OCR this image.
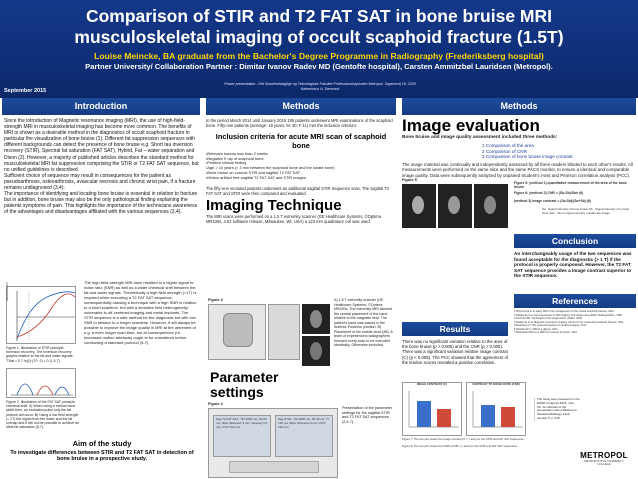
Comparison of STIR and T2 FAT SAT in bone bruise MRI musculoskeletal imaging of occult scaphoid fracture (1.5T)
Louise Meincke, BA graduate from the Bachelor's Degree Programme in Radiography (Frederiksberg hospital)
Partner University/ Collaboration Partner : Dimitar Ivanov Radev MD (Gentofte hospital), Carsten Ammitzbøl Lauridsen (Metropol).
Poster presentation : Det Sundhedsfaglige og Teknologiske Fakultet Professionshøjskolen Metropol, Tagensvej 18, 2200 København N, Denmark
September 2015
Introduction	Methods	Methods
Since the introduction of Magnetic resonance imaging (MRI), the use of high-field-strength MRI in musculoskeletal imaging has become more common. The benefits of MRI is shown as a desirable method in the diagnostics of occult scaphoid fracture in particular the visualization of bone bruise (1). Different fat suppression sequences with different backgrounds can detect the presence of bone bruise e.g. Short tau inversion recovery (STIR), Spectral fat saturation (FAT SAT), Hybrid, Fat – water separation and Dixon (2). However, a majority of published articles describes the standard method for musculoskeletal MRI fat suppression comprising the STIR or T2 FAT SAT sequence, but no unified guidelines is described.
Sufficient choice of sequence may result in consequences for the patient as pseudoarthrosis, osteoarthrosis, avascular necrosis and chronic wrist pain, if a fracture remains undiagnosed (3,4).
The importance of identifying and locating bone bruise is essential in relation to fracture but in addition, bone bruise may also be the only pathological finding explaining the patients symptoms of pain. This highlights the importance of the technicians awareness of the advantages and disadvantages affiliated with the various sequences (3,4).
Magnetization
Figure 1. Illustration of STIR principle. Inversion recovery. The inversion recovery graphic relative to the fat and water signals. T1fat = 0.7·ln(2)·(T0 ·2) ≈ 0 (1,5-7).
Figure 2. Illustration of the FAT SAT principle chemical shift. A) When using a narrow band width then, an excitation pulse only the fat protons will occur. B) Using a low field strength (< 1T) the signal from the water and the fat overlap and it will not be possible to achieve an ideal fat saturation (5-7).
The high-field-strength MRI have resulted in a higher signal to noise ratio (SNR) as well as a wider chemical shift between the fat and water signals. Theoretically a high field strength (>1T) is required when executing a T2 FAT SAT sequence, consequentially causing a technique with a high SNR in relation to a short scantime, but with a sensitive field heterogeneity, vulnerable to off-centered imaging and metal implants. The STIR sequence is a safe method for the diagnostic but with low SNR in relation to a longer scantime. However, it will always be possible to improve the image quality in MRI at the detriment of e.g. a even longer scan-time, but at consequences (i.e. increased motion artefacts) ought to be considered before conducting a standard protocol (5-7).
Aim of the study
To investigate differences between STIR and T2 FAT SAT in detection of bone bruise in a prospective study.
In the period March 2014 until January 2015 195 patients underwent MRI examinations of the scaphoid bone. Fifty-one patients (average: 19 years, M: 40; F:11) met the inclusion criteria's.
Inclusion criteria for acute MRI scan of scaphoid bone
• Relevant trauma less than 2 weeks
• Negative X ray of scaphoid bone
• Positive clinical finding
• Age > 10 years (> 3 mm between the scaphoid bone and the lunate bone)
• Bone bruise on coronal STIR and sagittal T2 FAT SAT
• Motion artifact free sagittal T2 FAT SAT and STIR images
The fifty-one recruited patients underwent an additional sagittal STIR Sequence scan. The sagittal T2 FAT SAT and STIR were then compared and evaluated.
Imaging Technique
The MRI scans were performed on a 1.5 T extremity scanner (GE Healthcare Systems, ©Optima MR430s, 4.02 software release, Milwaukee, WI, USA) a 123 mm quadrature coil was used.
Figure 3	A) 1.5 T extremity scanner (GE Healthcare Systems, ©Optima MR430s. The extremity MRI allowed the central placement of the hand relative to the magnetic field. The patient's hand was placed in the Anterior-Posterior position. B) Placement of the mobile stool (#6). A team of experienced radiographers ensured every scan to be executed identically. Otherwise excluded.
Parameter settings
Figure 4
Sag T2 FAT SAT - TR 3300 ms, TE 80 ms, Slice thickness 3 mm, Spacing 0.5 mm, FOV 110 mm
Sag STIR - TR 4000 ms, TE 32 ms, TI 130 ms, Slice thickness 3 mm, FOV 110 mm
Presentation of the parameter settings for the sagittal STIR and T2 FAT SAT sequences (2,5-7).
Image evaluation
Bone bruise and image quality assessment included three methods:
1 Comparison of the area
2 Comparison of CNR
3 Comparison of bone bruise image contrast
The image material was continually and independently assessed by all three readers blinded to each other's results. All measurements were performed on the same slice and the same PACS monitor, to ensure a identical and comparable image quality. Data were subsequently analyzed by unpaired Student's t-test and Pearson correlation analysis (PCC).
Figure 5
Figure 5: (method 1) quantitative measurement of the area of the bone bruise
Figure 6: (method 2) CNR = (Sb-Sb)/Sair (6)
(method 3) Image contrast = (Sa-Sb)/(Sa+Sb) (6)
Sa : Signal intensity of bone bruise Sb : Signal intensity of normal bone Sair : SD of signal intensity outside the image
Conclusion
An interchangeably usage of the two sequences was found acceptable for the diagnostic (> 1 T) if the protocol is properly composed. However, the T2 FAT SAT sequence provides a image contrast superior to the STIR sequence.
References
1 McCormick et al. Early MRI in the management of the clinical scaphoid fracture. 2011
2 Delfaut E et al. Fat suppression in MR imaging: techniques and pitfalls. Radiographics. 1999
3 Kirchner RD. Techniques of fat suppression. Radiol. 2005
4 Mallee W et al. Magnetic resonance imaging versus CT for suspected scaphoid fracture. 2011
5 Bushberg JT. The essential physics of medical imaging. 2012
6 Westbrook C. MRI at a glance. 2011
7 McRobbie DW et al. MRI from picture to proton. 2007
Results
There was no significant variation relative to the area of the bone bruise (p > 0.005) and the CNR (p > 0.005). There was a significant variation relative image contrast (C) (p < 0.005). The PCC showed that the agreement of the tendon scores revealed a positive correlation.
IMAGE CONTRAST (C)	CONTRAST TO NOISE RATIO (CNR)
Figure 7: The two plot shows the image contrast (C = y axis) for the STIR and FAT SAT sequences.
Figure 8: The two plot shows the CNRs (CNR = y axis) for the STIR and FAT SAT sequences.
The study was presented on the ESSR Congress 2015, York, UK. An abstract of the presentation was published in Skeletal Radiology 44(4) number 5, p. 619
METROPOL
METROPOLITAN UNIVERSITY COLLEGE
